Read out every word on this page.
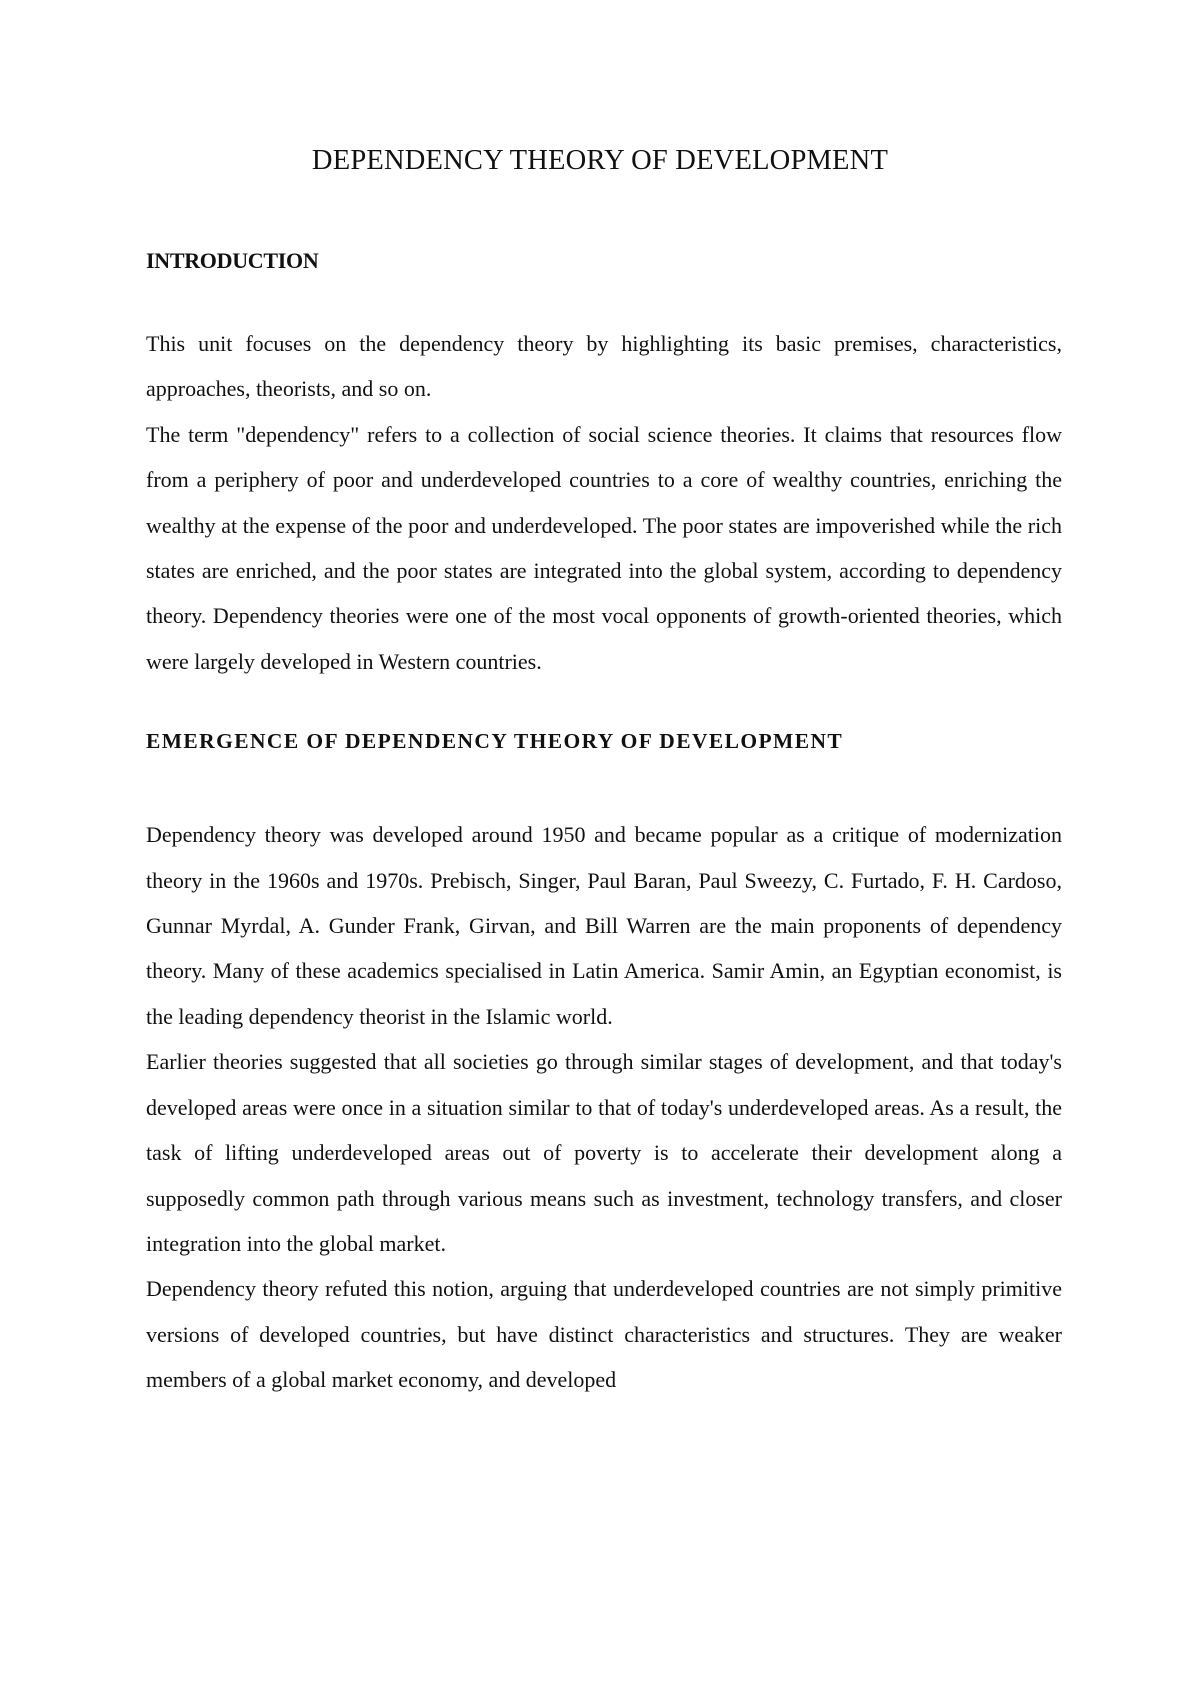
DEPENDENCY THEORY OF DEVELOPMENT
INTRODUCTION

This unit focuses on the dependency theory by highlighting its basic premises, characteristics, approaches, theorists, and so on.

The term "dependency" refers to a collection of social science theories. It claims that resources flow from a periphery of poor and underdeveloped countries to a core of wealthy countries, enriching the wealthy at the expense of the poor and underdeveloped. The poor states are impoverished while the rich states are enriched, and the poor states are integrated into the global system, according to dependency theory. Dependency theories were one of the most vocal opponents of growth-oriented theories, which were largely developed in Western countries.

EMERGENCE OF DEPENDENCY THEORY OF DEVELOPMENT

Dependency theory was developed around 1950 and became popular as a critique of modernization theory in the 1960s and 1970s. Prebisch, Singer, Paul Baran, Paul Sweezy, C. Furtado, F. H. Cardoso, Gunnar Myrdal, A. Gunder Frank, Girvan, and Bill Warren are the main proponents of dependency theory. Many of these academics specialised in Latin America. Samir Amin, an Egyptian economist, is the leading dependency theorist in the Islamic world.

Earlier theories suggested that all societies go through similar stages of development, and that today's developed areas were once in a situation similar to that of today's underdeveloped areas. As a result, the task of lifting underdeveloped areas out of poverty is to accelerate their development along a supposedly common path through various means such as investment, technology transfers, and closer integration into the global market.

Dependency theory refuted this notion, arguing that underdeveloped countries are not simply primitive versions of developed countries, but have distinct characteristics and structures. They are weaker members of a global market economy, and developed
